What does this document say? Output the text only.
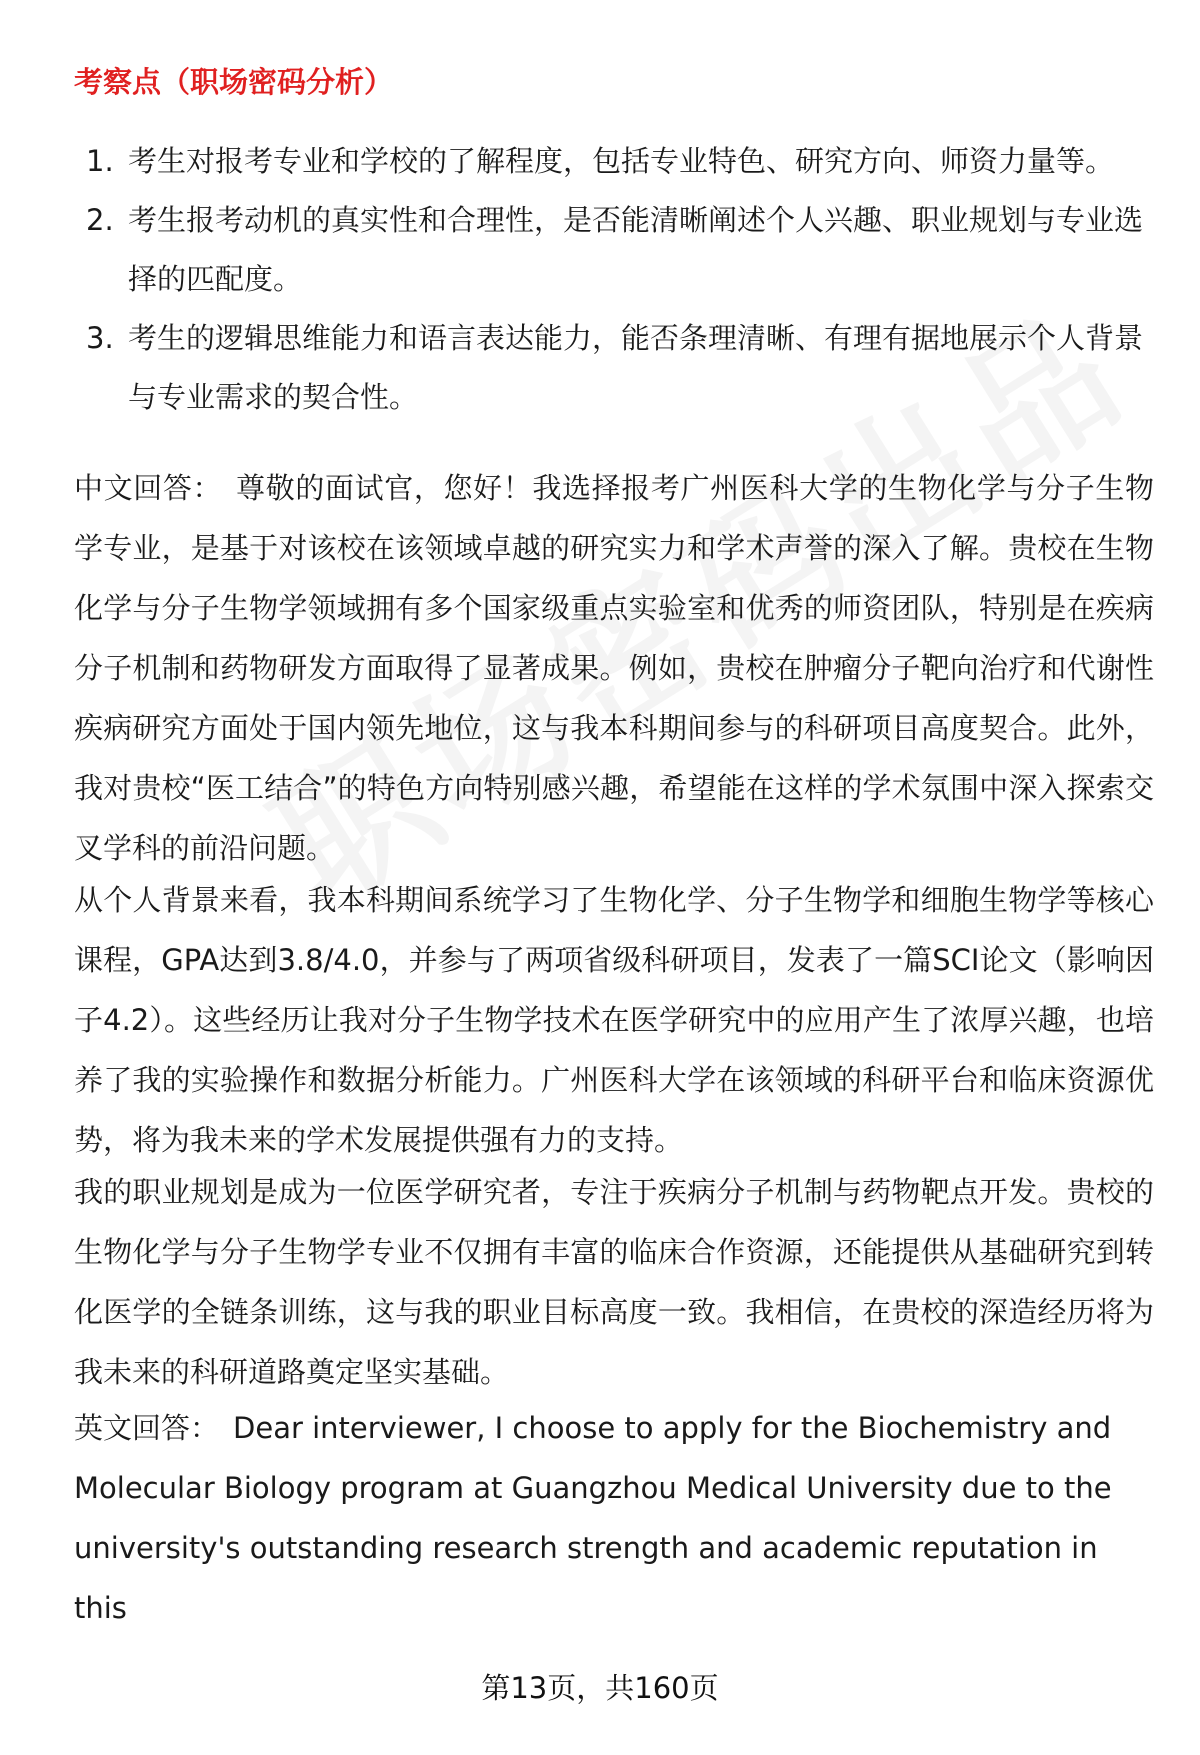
考察点（职场密码分析）
1. 考生对报考专业和学校的了解程度，包括专业特色、研究方向、师资力量等。
2. 考生报考动机的真实性和合理性，是否能清晰阐述个人兴趣、职业规划与专业选择的匹配度。
3. 考生的逻辑思维能力和语言表达能力，能否条理清晰、有理有据地展示个人背景与专业需求的契合性。

中文回答： 尊敬的面试官，您好！我选择报考广州医科大学的生物化学与分子生物学专业，是基于对该校在该领域卓越的研究实力和学术声誉的深入了解。贵校在生物化学与分子生物学领域拥有多个国家级重点实验室和优秀的师资团队，特别是在疾病分子机制和药物研发方面取得了显著成果。例如，贵校在肿瘤分子靶向治疗和代谢性疾病研究方面处于国内领先地位，这与我本科期间参与的科研项目高度契合。此外，我对贵校“医工结合”的特色方向特别感兴趣，希望能在这样的学术氛围中深入探索交叉学科的前沿问题。

从个人背景来看，我本科期间系统学习了生物化学、分子生物学和细胞生物学等核心课程，GPA达到3.8/4.0，并参与了两项省级科研项目，发表了一篇SCI论文（影响因子4.2）。这些经历让我对分子生物学技术在医学研究中的应用产生了浓厚兴趣，也培养了我的实验操作和数据分析能力。广州医科大学在该领域的科研平台和临床资源优势，将为我未来的学术发展提供强有力的支持。

我的职业规划是成为一位医学研究者，专注于疾病分子机制与药物靶点开发。贵校的生物化学与分子生物学专业不仅拥有丰富的临床合作资源，还能提供从基础研究到转化医学的全链条训练，这与我的职业目标高度一致。我相信，在贵校的深造经历将为我未来的科研道路奠定坚实基础。

英文回答： Dear interviewer, I choose to apply for the Biochemistry and Molecular Biology program at Guangzhou Medical University due to the university's outstanding research strength and academic reputation in this

第13页，共160页
